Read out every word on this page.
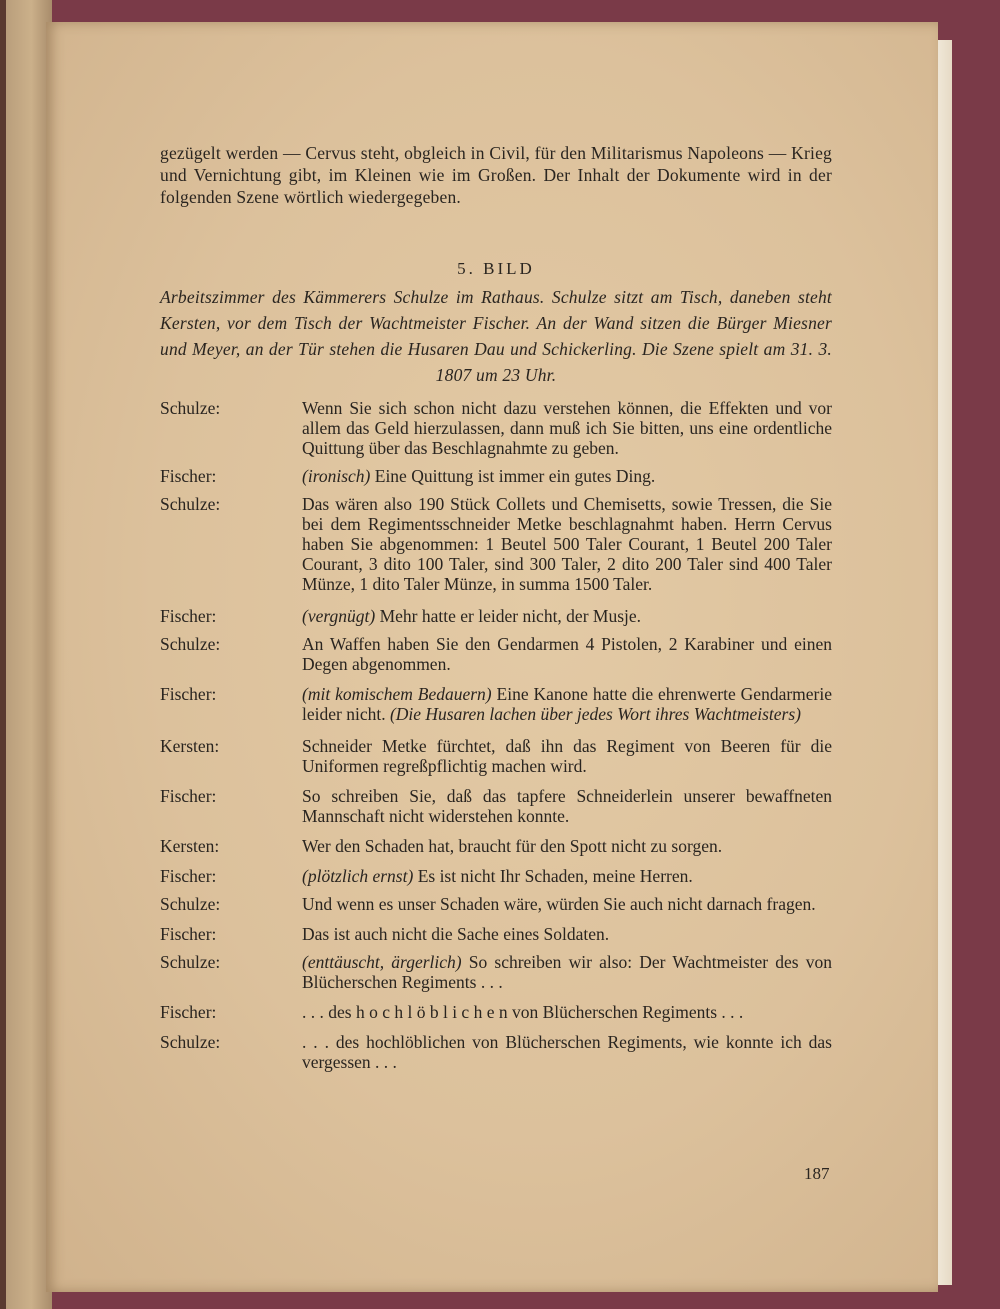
gezügelt werden — Cervus steht, obgleich in Civil, für den Militarismus Napoleons — Krieg und Vernichtung gibt, im Kleinen wie im Großen. Der Inhalt der Dokumente wird in der folgenden Szene wörtlich wiedergegeben.
5. BILD
Arbeitszimmer des Kämmerers Schulze im Rathaus. Schulze sitzt am Tisch, daneben steht Kersten, vor dem Tisch der Wachtmeister Fischer. An der Wand sitzen die Bürger Miesner und Meyer, an der Tür stehen die Husaren Dau und Schickerling. Die Szene spielt am 31. 3. 1807 um 23 Uhr.
Schulze:	Wenn Sie sich schon nicht dazu verstehen können, die Effekten und vor allem das Geld hierzulassen, dann muß ich Sie bitten, uns eine ordentliche Quittung über das Beschlagnahmte zu geben.
Fischer:	(ironisch) Eine Quittung ist immer ein gutes Ding.
Schulze:	Das wären also 190 Stück Collets und Chemisetts, sowie Tressen, die Sie bei dem Regimentsschneider Metke beschlagnahmt haben. Herrn Cervus haben Sie abgenommen: 1 Beutel 500 Taler Courant, 1 Beutel 200 Taler Courant, 3 dito 100 Taler, sind 300 Taler, 2 dito 200 Taler sind 400 Taler Münze, 1 dito Taler Münze, in summa 1500 Taler.
Fischer:	(vergnügt) Mehr hatte er leider nicht, der Musje.
Schulze:	An Waffen haben Sie den Gendarmen 4 Pistolen, 2 Karabiner und einen Degen abgenommen.
Fischer:	(mit komischem Bedauern) Eine Kanone hatte die ehrenwerte Gendarmerie leider nicht. (Die Husaren lachen über jedes Wort ihres Wachtmeisters)
Kersten:	Schneider Metke fürchtet, daß ihn das Regiment von Beeren für die Uniformen regreßpflichtig machen wird.
Fischer:	So schreiben Sie, daß das tapfere Schneiderlein unserer bewaffneten Mannschaft nicht widerstehen konnte.
Kersten:	Wer den Schaden hat, braucht für den Spott nicht zu sorgen.
Fischer:	(plötzlich ernst) Es ist nicht Ihr Schaden, meine Herren.
Schulze:	Und wenn es unser Schaden wäre, würden Sie auch nicht darnach fragen.
Fischer:	Das ist auch nicht die Sache eines Soldaten.
Schulze:	(enttäuscht, ärgerlich) So schreiben wir also: Der Wachtmeister des von Blücherschen Regiments . . .
Fischer:	. . . des h o c h l ö b l i c h e n von Blücherschen Regiments . . .
Schulze:	. . . des hochlöblichen von Blücherschen Regiments, wie konnte ich das vergessen . . .
187
